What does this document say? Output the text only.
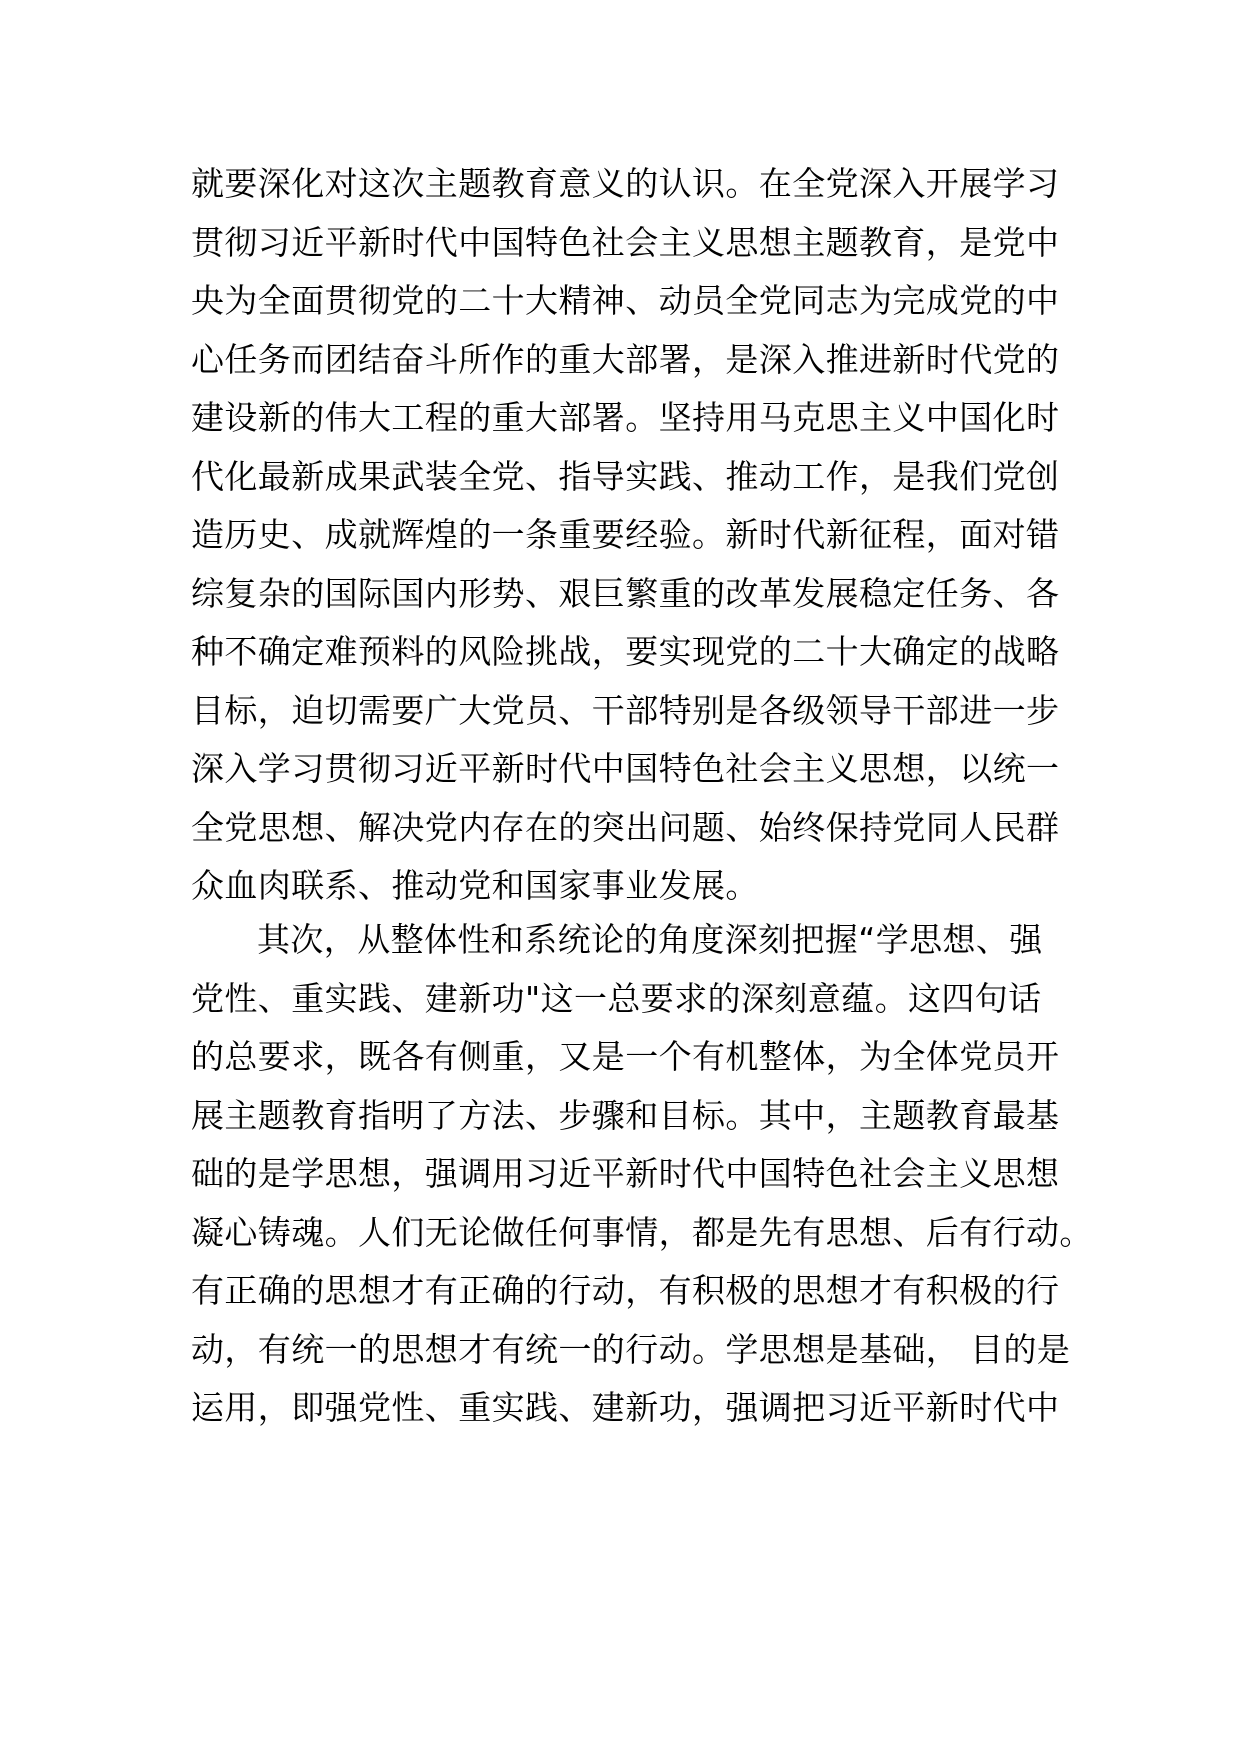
就要深化对这次主题教育意义的认识。在全党深入开展学习
贯彻习近平新时代中国特色社会主义思想主题教育，是党中
央为全面贯彻党的二十大精神、动员全党同志为完成党的中
心任务而团结奋斗所作的重大部署，是深入推进新时代党的
建设新的伟大工程的重大部署。坚持用马克思主义中国化时
代化最新成果武装全党、指导实践、推动工作，是我们党创
造历史、成就辉煌的一条重要经验。新时代新征程，面对错
综复杂的国际国内形势、艰巨繁重的改革发展稳定任务、各
种不确定难预料的风险挑战，要实现党的二十大确定的战略
目标，迫切需要广大党员、干部特别是各级领导干部进一步
深入学习贯彻习近平新时代中国特色社会主义思想，以统一
全党思想、解决党内存在的突出问题、始终保持党同人民群
众血肉联系、推动党和国家事业发展。
其次，从整体性和系统论的角度深刻把握“学思想、强
党性、重实践、建新功"这一总要求的深刻意蕴。这四句话
的总要求，既各有侧重，又是一个有机整体，为全体党员开
展主题教育指明了方法、步骤和目标。其中，主题教育最基
础的是学思想，强调用习近平新时代中国特色社会主义思想
凝心铸魂。人们无论做任何事情，都是先有思想、后有行动。
有正确的思想才有正确的行动，有积极的思想才有积极的行
动，有统一的思想才有统一的行动。学思想是基础， 目的是
运用，即强党性、重实践、建新功，强调把习近平新时代中
